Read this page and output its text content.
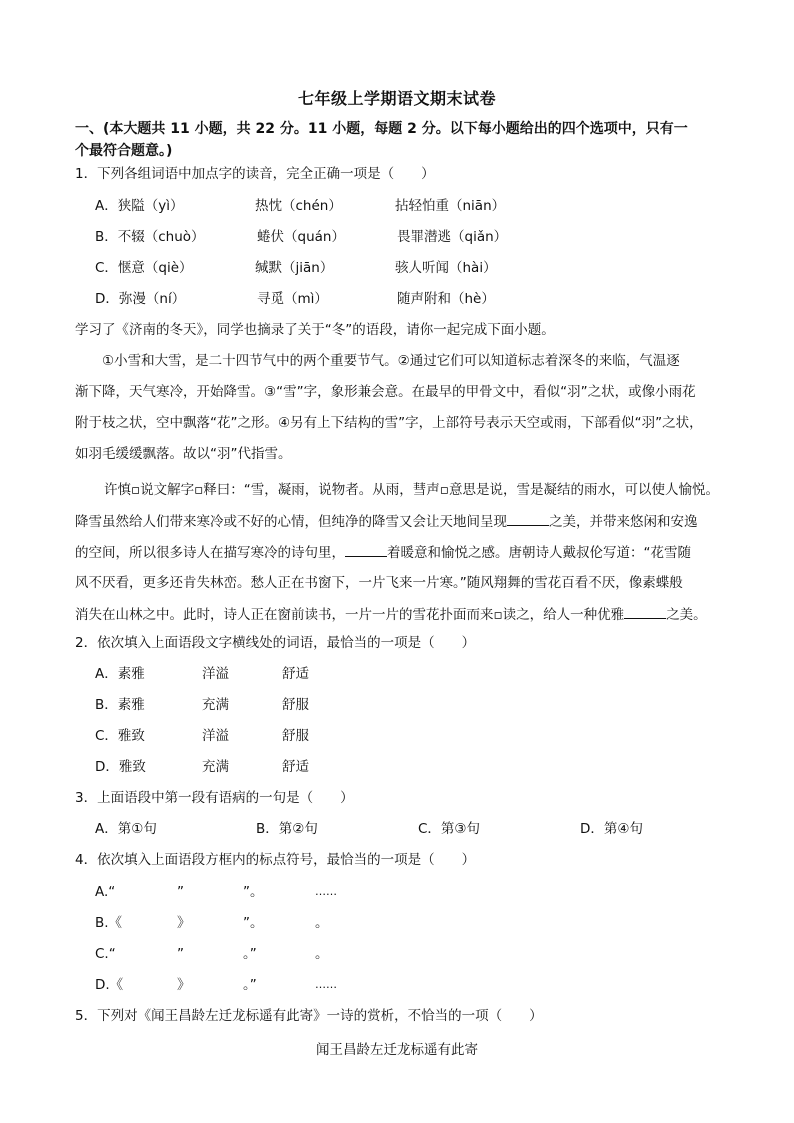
七年级上学期语文期末试卷
一、(本大题共 11 小题，共 22 分。11 小题，每题 2 分。以下每小题给出的四个选项中，只有一
个最符合题意。)
1．下列各组词语中加点字的读音，完全正确一项是（　　）
A．狭隘（yì）	热忱（chén）	拈轻怕重（niān）
B．不辍（chuò）	蜷伏（quán）	畏罪潜逃（qiǎn）
C．惬意（qiè）	缄默（jiān）	骇人听闻（hài）
D．弥漫（ní）	寻觅（mì）	随声附和（hè）
学习了《济南的冬天》，同学也摘录了关于“冬”的语段，请你一起完成下面小题。
①小雪和大雪，是二十四节气中的两个重要节气。②通过它们可以知道标志着深冬的来临，气温逐
渐下降，天气寒冷，开始降雪。③“雪”字，象形兼会意。在最早的甲骨文中，看似“羽”之状，或像小雨花
附于枝之状，空中飘落“花”之形。④另有上下结构的雪”字，上部符号表示天空或雨，下部看似“羽”之状，
如羽毛缓缓飘落。故以“羽”代指雪。
许慎▫说文解字▫释曰：“雪，凝雨，说物者。从雨，彗声▫意思是说，雪是凝结的雨水，可以使人愉悦。
降雪虽然给人们带来寒冷或不好的心情，但纯净的降雪又会让天地间呈现	之美，并带来悠闲和安逸
的空间，所以很多诗人在描写寒冷的诗句里，	着暖意和愉悦之感。唐朝诗人戴叔伦写道：“花雪随
风不厌看，更多还肯失林峦。愁人正在书窗下，一片飞来一片寒。”随风翔舞的雪花百看不厌，像素蝶般
消失在山林之中。此时，诗人正在窗前读书，一片一片的雪花扑面而来▫读之，给人一种优雅	之美。
2．依次填入上面语段文字横线处的词语，最恰当的一项是（　　）
A．素雅	洋溢	舒适
B．素雅	充满	舒服
C．雅致	洋溢	舒服
D．雅致	充满	舒适
3．上面语段中第一段有语病的一句是（　　）
A．第①句	B．第②句	C．第③句	D．第④句
4．依次填入上面语段方框内的标点符号，最恰当的一项是（　　）
A.“	”	”。	……
B.《	》	”。	。
C.“	”	。”	。
D.《	》	。”	……
5．下列对《闻王昌龄左迁龙标遥有此寄》一诗的赏析，不恰当的一项（　　）
闻王昌龄左迁龙标遥有此寄
